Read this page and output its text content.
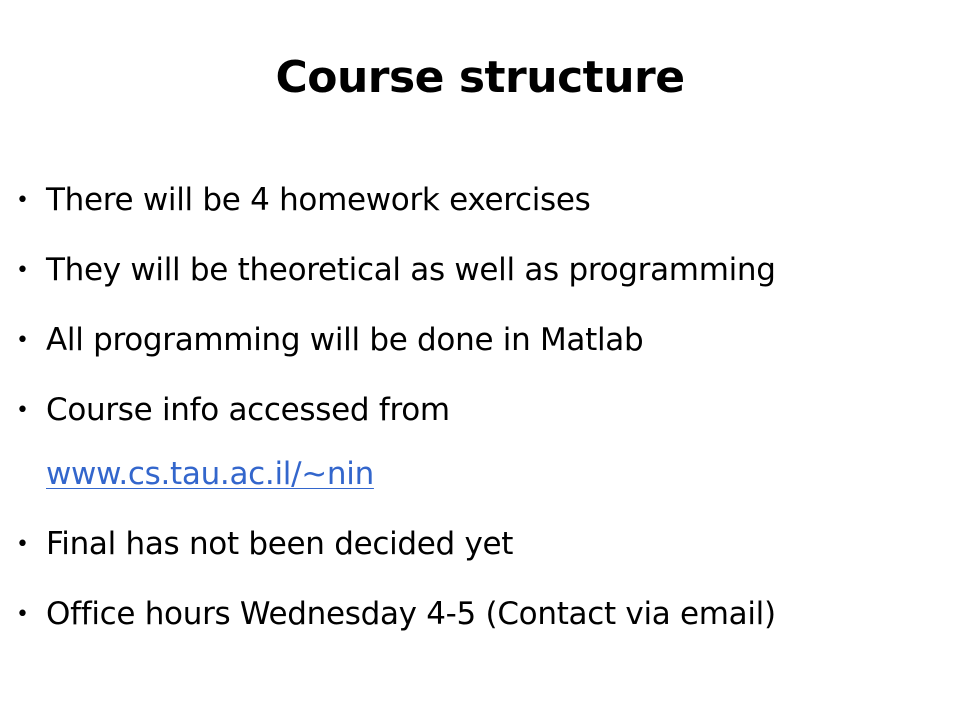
Course structure
• There will be 4 homework exercises
• They will be theoretical as well as programming
• All programming will be done in Matlab
• Course info accessed from
www.cs.tau.ac.il/~nin
• Final has not been decided yet
• Office hours Wednesday 4-5 (Contact via email)
